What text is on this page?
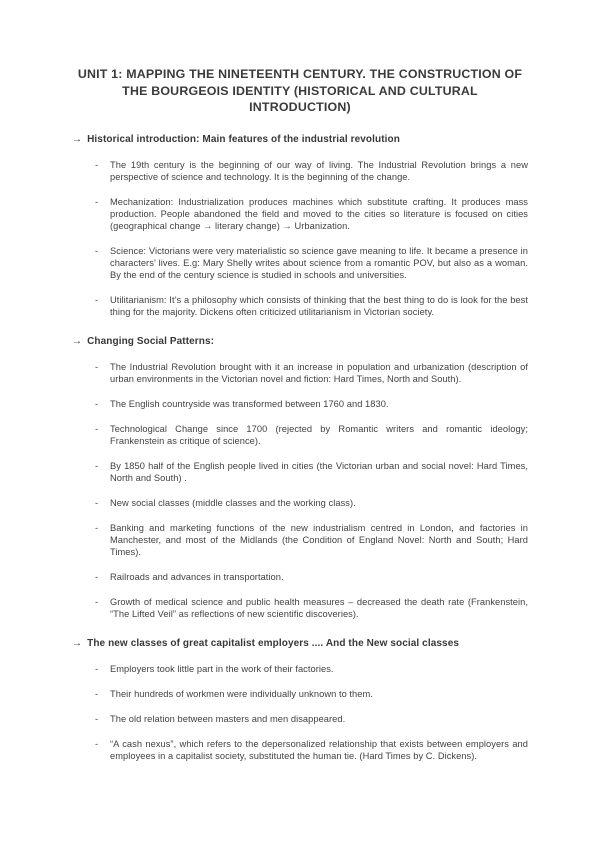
UNIT 1: MAPPING THE NINETEENTH CENTURY. THE CONSTRUCTION OF
THE BOURGEOIS IDENTITY (HISTORICAL AND CULTURAL
INTRODUCTION)
→ Historical introduction: Main features of the industrial revolution
- The 19th century is the beginning of our way of living. The Industrial Revolution brings a new perspective of science and technology. It is the beginning of the change.
- Mechanization: Industrialization produces machines which substitute crafting. It produces mass production. People abandoned the field and moved to the cities so literature is focused on cities (geographical change → literary change) → Urbanization.
- Science: Victorians were very materialistic so science gave meaning to life. It became a presence in characters’ lives. E.g: Mary Shelly writes about science from a romantic POV, but also as a woman. By the end of the century science is studied in schools and universities.
- Utilitarianism: It’s a philosophy which consists of thinking that the best thing to do is look for the best thing for the majority. Dickens often criticized utilitarianism in Victorian society.
→ Changing Social Patterns:
- The Industrial Revolution brought with it an increase in population and urbanization (description of urban environments in the Victorian novel and fiction: Hard Times, North and South).
- The English countryside was transformed between 1760 and 1830.
- Technological Change since 1700 (rejected by Romantic writers and romantic ideology; Frankenstein as critique of science).
- By 1850 half of the English people lived in cities (the Victorian urban and social novel: Hard Times, North and South) .
- New social classes (middle classes and the working class).
- Banking and marketing functions of the new industrialism centred in London, and factories in Manchester, and most of the Midlands (the Condition of England Novel: North and South; Hard Times).
- Railroads and advances in transportation.
- Growth of medical science and public health measures – decreased the death rate (Frankenstein, “The Lifted Veil” as reflections of new scientific discoveries).
→ The new classes of great capitalist employers .... And the New social classes
- Employers took little part in the work of their factories.
- Their hundreds of workmen were individually unknown to them.
- The old relation between masters and men disappeared.
- “A cash nexus”, which refers to the depersonalized relationship that exists between employers and employees in a capitalist society, substituted the human tie. (Hard Times by C. Dickens).
